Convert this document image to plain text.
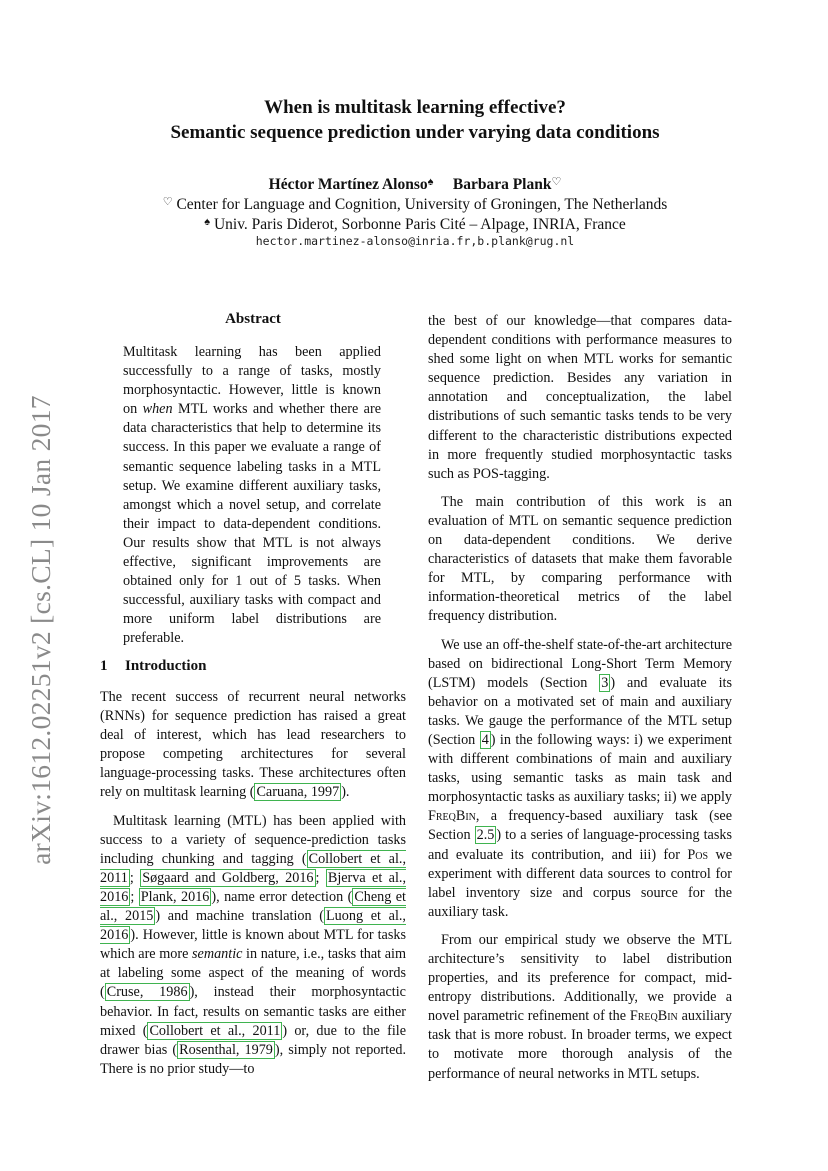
arXiv:1612.02251v2 [cs.CL] 10 Jan 2017
When is multitask learning effective?
Semantic sequence prediction under varying data conditions
Héctor Martínez Alonso♠ Barbara Plank♡
♡ Center for Language and Cognition, University of Groningen, The Netherlands
♠ Univ. Paris Diderot, Sorbonne Paris Cité – Alpage, INRIA, France
hector.martinez-alonso@inria.fr,b.plank@rug.nl
Abstract

Multitask learning has been applied successfully to a range of tasks, mostly morphosyntactic. However, little is known on when MTL works and whether there are data characteristics that help to determine its success. In this paper we evaluate a range of semantic sequence labeling tasks in a MTL setup. We examine different auxiliary tasks, amongst which a novel setup, and correlate their impact to data-dependent conditions. Our results show that MTL is not always effective, significant improvements are obtained only for 1 out of 5 tasks. When successful, auxiliary tasks with compact and more uniform label distributions are preferable.

1 Introduction

The recent success of recurrent neural networks (RNNs) for sequence prediction has raised a great deal of interest, which has lead researchers to propose competing architectures for several language-processing tasks. These architectures often rely on multitask learning ( Caruana, 1997 ).

Multitask learning (MTL) has been applied with success to a variety of sequence-prediction tasks including chunking and tagging ( Collobert et al., 2011 ; Søgaard and Goldberg, 2016 ; Bjerva et al., 2016 ; Plank, 2016 ), name error detection ( Cheng et al., 2015 ) and machine translation ( Luong et al., 2016 ). However, little is known about MTL for tasks which are more semantic in nature, i.e., tasks that aim at labeling some aspect of the meaning of words ( Cruse, 1986 ), instead their morphosyntactic behavior. In fact, results on semantic tasks are either mixed ( Collobert et al., 2011 ) or, due to the file drawer bias ( Rosenthal, 1979 ), simply not reported. There is no prior study—to

the best of our knowledge—that compares data-dependent conditions with performance measures to shed some light on when MTL works for semantic sequence prediction. Besides any variation in annotation and conceptualization, the label distributions of such semantic tasks tends to be very different to the characteristic distributions expected in more frequently studied morphosyntactic tasks such as POS-tagging.

The main contribution of this work is an evaluation of MTL on semantic sequence prediction on data-dependent conditions. We derive characteristics of datasets that make them favorable for MTL, by comparing performance with information-theoretical metrics of the label frequency distribution.

We use an off-the-shelf state-of-the-art architecture based on bidirectional Long-Short Term Memory (LSTM) models (Section 3 ) and evaluate its behavior on a motivated set of main and auxiliary tasks. We gauge the performance of the MTL setup (Section 4 ) in the following ways: i) we experiment with different combinations of main and auxiliary tasks, using semantic tasks as main task and morphosyntactic tasks as auxiliary tasks; ii) we apply FreqBin, a frequency-based auxiliary task (see Section 2.5 ) to a series of language-processing tasks and evaluate its contribution, and iii) for Pos we experiment with different data sources to control for label inventory size and corpus source for the auxiliary task.

From our empirical study we observe the MTL architecture’s sensitivity to label distribution properties, and its preference for compact, mid-entropy distributions. Additionally, we provide a novel parametric refinement of the FreqBin auxiliary task that is more robust. In broader terms, we expect to motivate more thorough analysis of the performance of neural networks in MTL setups.
